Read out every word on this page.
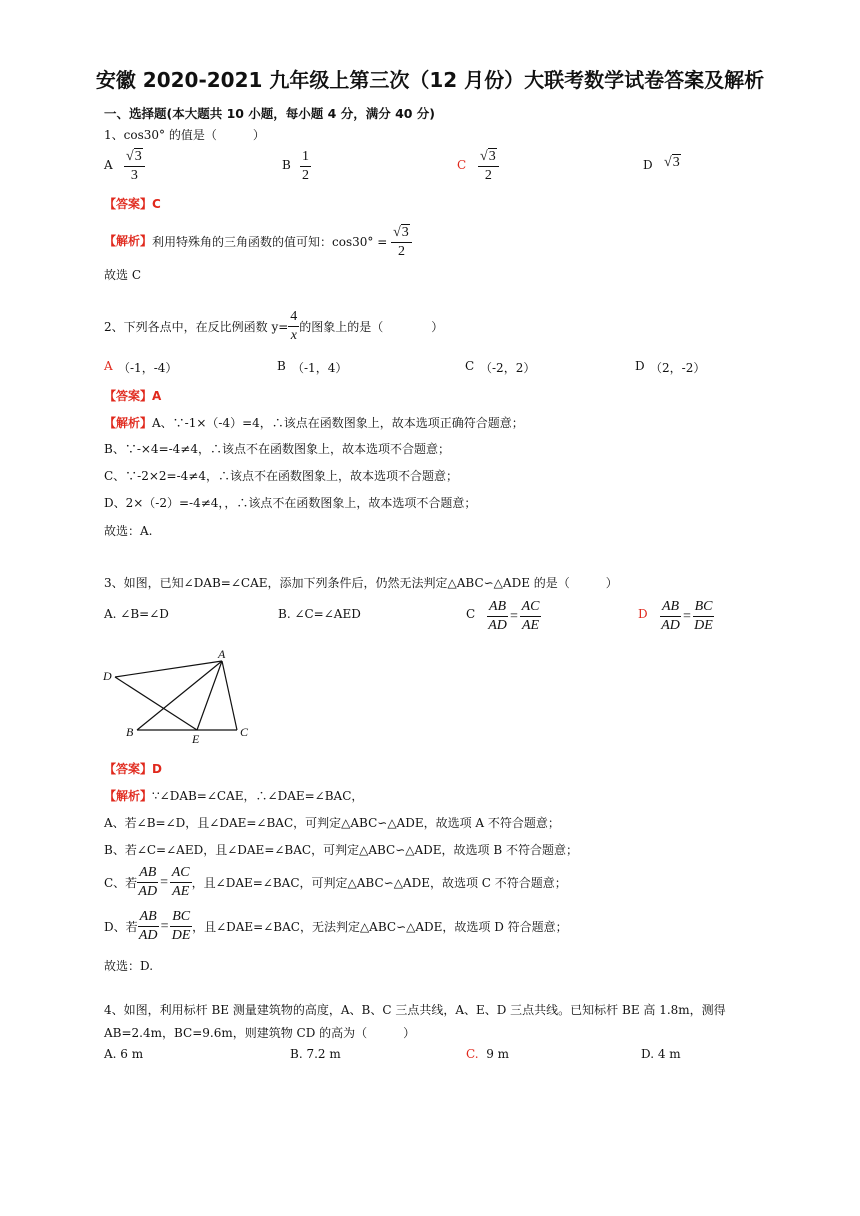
安徽 2020-2021 九年级上第三次（12 月份）大联考数学试卷答案及解析
一、选择题(本大题共 10 小题，每小题 4 分，满分 40 分)
1、cos30° 的值是（　　　）
A $\frac{√3}{3}$	B $\frac{1}{2}$	C $\frac{√3}{2}$	D √3
【答案】C
【解析】利用特殊角的三角函数的值可知：$\cos 30^\circ = \frac{√3}{2}$
故选 C
2、下列各点中，在反比例函数 $y= \frac{4}{x}$ 的图象上的是（　　　　）
A （-1，-4）	B （-1，4）	C （-2，2）	D （2，-2）
【答案】A
【解析】A、∵-1×（-4）=4，∴该点在函数图象上，故本选项正确符合题意；
B、∵-×4=-4≠4，∴该点不在函数图象上，故本选项不合题意；
C、∵-2×2=-4≠4，∴该点不在函数图象上，故本选项不合题意；
D、2×（-2）=-4≠4，，∴该点不在函数图象上，故本选项不合题意；
故选：A.
3、如图，已知∠DAB=∠CAE，添加下列条件后，仍然无法判定△ABC∽△ADE 的是（　　　）
A. ∠B=∠D	B. ∠C=∠AED	C $\frac{AB}{AD} = \frac{AC}{AE}$	D $\frac{AB}{AD} = \frac{BC}{DE}$
A
D
B	E	C
【答案】D
【解析】∵∠DAB=∠CAE，∴∠DAE=∠BAC，
A、若∠B=∠D，且∠DAE=∠BAC，可判定△ABC∽△ADE，故选项 A 不符合题意；
B、若∠C=∠AED，且∠DAE=∠BAC，可判定△ABC∽△ADE，故选项 B 不符合题意；
C、若 $\frac{AB}{AD} = \frac{AC}{AE}$ ，且∠DAE=∠BAC，可判定△ABC∽△ADE，故选项 C 不符合题意；
D、若 $\frac{AB}{AD} = \frac{BC}{DE}$ ，且∠DAE=∠BAC，无法判定△ABC∽△ADE，故选项 D 符合题意；
故选：D.
4、如图，利用标杆 BE 测量建筑物的高度，A、B、C 三点共线，A、E、D 三点共线。已知标杆 BE 高 1.8m，测得
AB=2.4m，BC=9.6m，则建筑物 CD 的高为（　　　）
A. 6 m	B. 7.2 m	C. 9 m	D. 4 m
